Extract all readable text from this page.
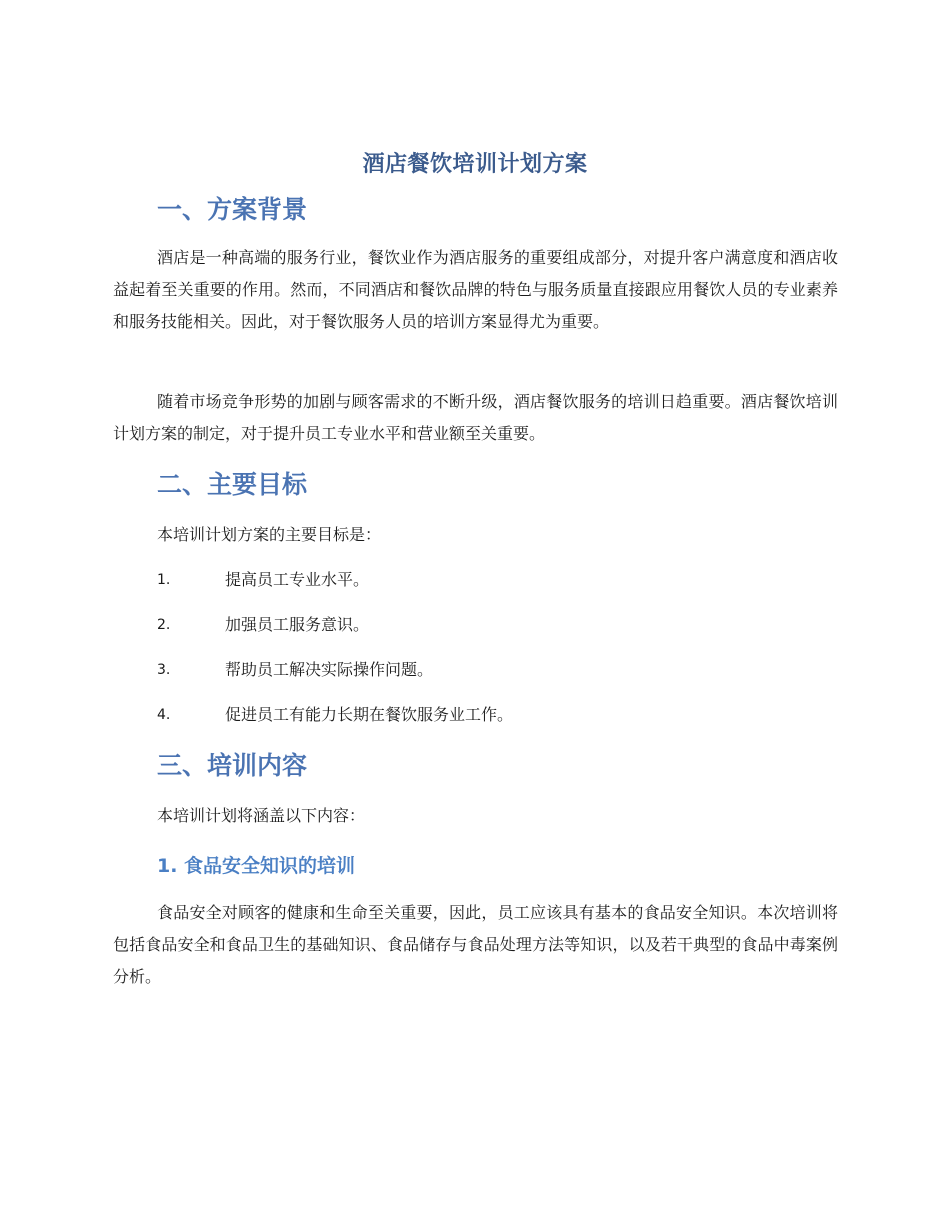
酒店餐饮培训计划方案
一、方案背景

酒店是一种高端的服务行业，餐饮业作为酒店服务的重要组成部分，对提升客户满意度和酒店收益起着至关重要的作用。然而，不同酒店和餐饮品牌的特色与服务质量直接跟应用餐饮人员的专业素养和服务技能相关。因此，对于餐饮服务人员的培训方案显得尤为重要。

随着市场竞争形势的加剧与顾客需求的不断升级，酒店餐饮服务的培训日趋重要。酒店餐饮培训计划方案的制定，对于提升员工专业水平和营业额至关重要。

二、主要目标
本培训计划方案的主要目标是：
1.	提高员工专业水平。
2.	加强员工服务意识。
3.	帮助员工解决实际操作问题。
4.	促进员工有能力长期在餐饮服务业工作。
三、培训内容
本培训计划将涵盖以下内容：
1. 食品安全知识的培训

食品安全对顾客的健康和生命至关重要，因此，员工应该具有基本的食品安全知识。本次培训将包括食品安全和食品卫生的基础知识、食品储存与食品处理方法等知识，以及若干典型的食品中毒案例分析。
